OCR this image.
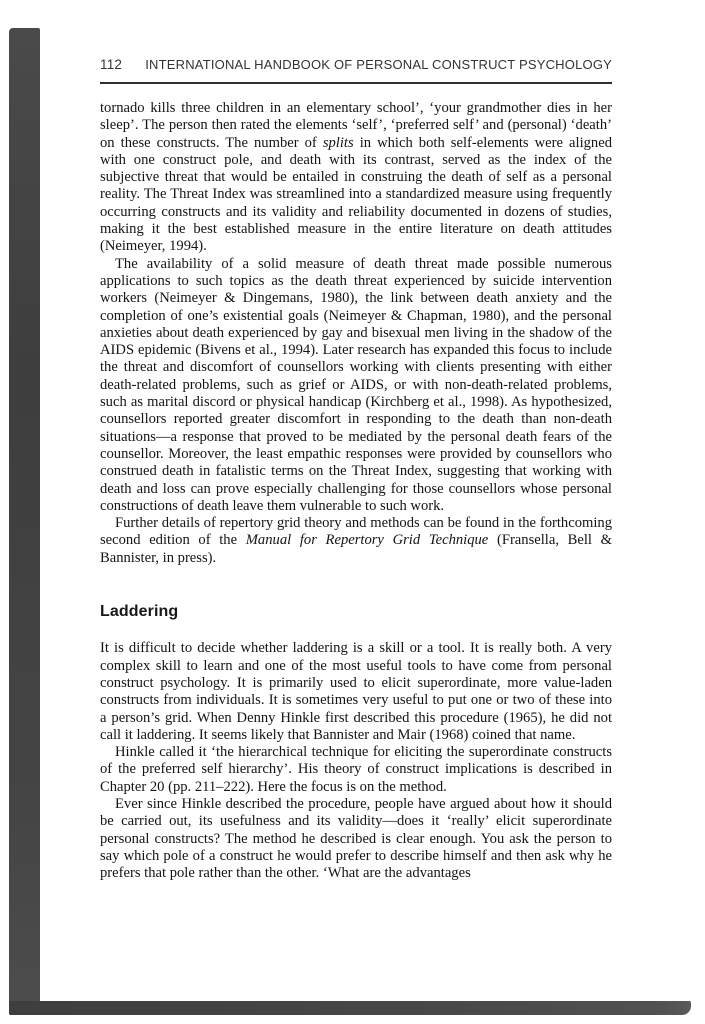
112 INTERNATIONAL HANDBOOK OF PERSONAL CONSTRUCT PSYCHOLOGY

tornado kills three children in an elementary school’, ‘your grandmother dies in her sleep’. The person then rated the elements ‘self’, ‘preferred self’ and (personal) ‘death’ on these constructs. The number of splits in which both self-elements were aligned with one construct pole, and death with its contrast, served as the index of the subjective threat that would be entailed in construing the death of self as a personal reality. The Threat Index was streamlined into a standardized measure using frequently occurring constructs and its validity and reliability documented in dozens of studies, making it the best established measure in the entire literature on death attitudes (Neimeyer, 1994).

The availability of a solid measure of death threat made possible numerous applications to such topics as the death threat experienced by suicide intervention workers (Neimeyer & Dingemans, 1980), the link between death anxiety and the completion of one’s existential goals (Neimeyer & Chapman, 1980), and the personal anxieties about death experienced by gay and bisexual men living in the shadow of the AIDS epidemic (Bivens et al., 1994). Later research has expanded this focus to include the threat and discomfort of counsellors working with clients presenting with either death-related problems, such as grief or AIDS, or with non-death-related problems, such as marital discord or physical handicap (Kirchberg et al., 1998). As hypothesized, counsellors reported greater discomfort in responding to the death than non-death situations—a response that proved to be mediated by the personal death fears of the counsellor. Moreover, the least empathic responses were provided by counsellors who construed death in fatalistic terms on the Threat Index, suggesting that working with death and loss can prove especially challenging for those counsellors whose personal constructions of death leave them vulnerable to such work.

Further details of repertory grid theory and methods can be found in the forthcoming second edition of the Manual for Repertory Grid Technique (Fransella, Bell & Bannister, in press).

Laddering

It is difficult to decide whether laddering is a skill or a tool. It is really both. A very complex skill to learn and one of the most useful tools to have come from personal construct psychology. It is primarily used to elicit superordinate, more value-laden constructs from individuals. It is sometimes very useful to put one or two of these into a person’s grid. When Denny Hinkle first described this procedure (1965), he did not call it laddering. It seems likely that Bannister and Mair (1968) coined that name.

Hinkle called it ‘the hierarchical technique for eliciting the superordinate constructs of the preferred self hierarchy’. His theory of construct implications is described in Chapter 20 (pp. 211–222). Here the focus is on the method.

Ever since Hinkle described the procedure, people have argued about how it should be carried out, its usefulness and its validity—does it ‘really’ elicit superordinate personal constructs? The method he described is clear enough. You ask the person to say which pole of a construct he would prefer to describe himself and then ask why he prefers that pole rather than the other. ‘What are the advantages
